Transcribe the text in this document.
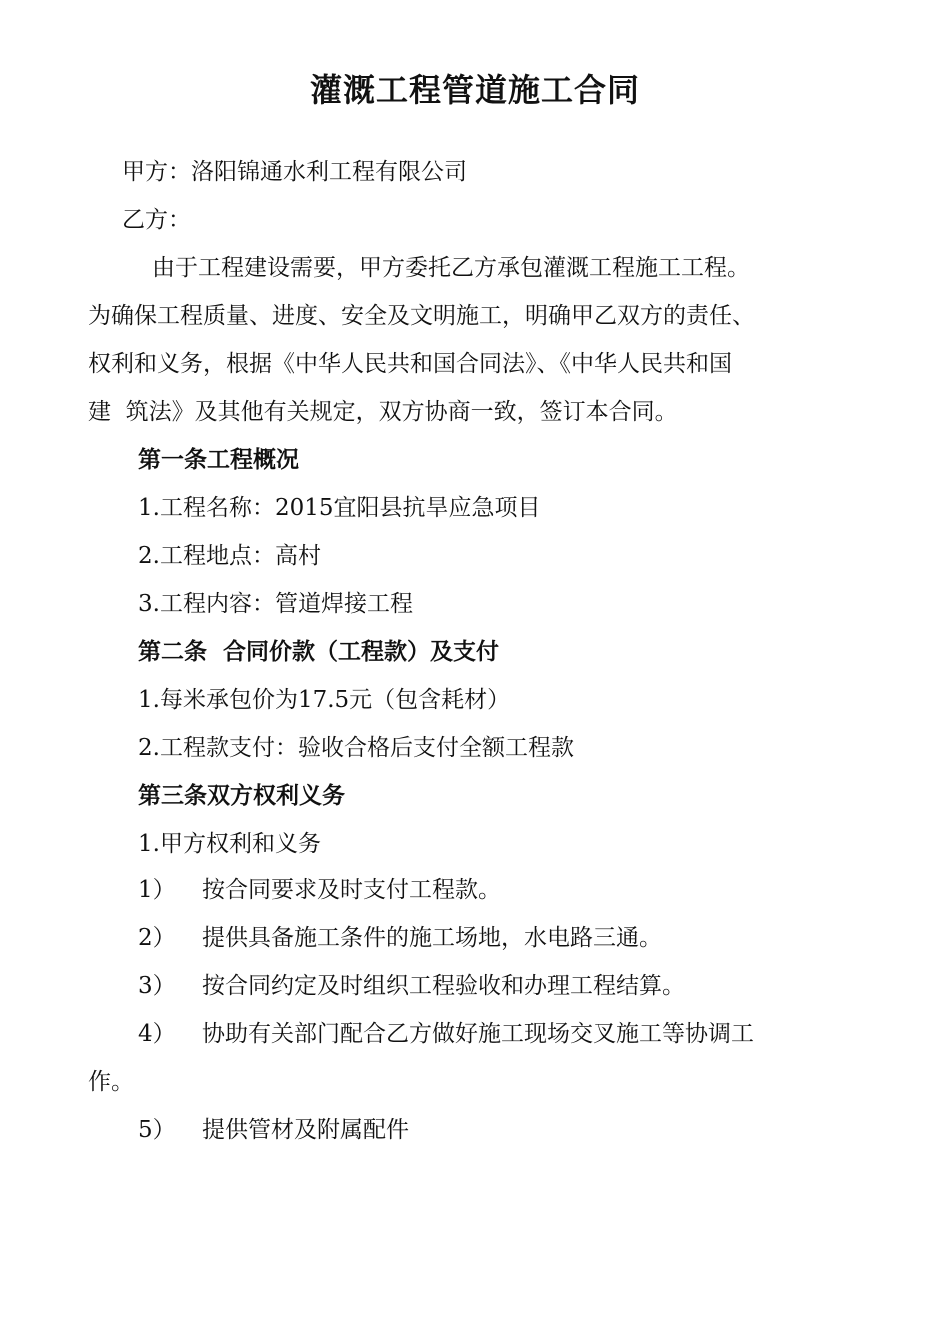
灌溉工程管道施工合同
甲方：洛阳锦通水利工程有限公司
乙方：
由于工程建设需要，甲方委托乙方承包灌溉工程施工工程。
为确保工程质量、进度、安全及文明施工，明确甲乙双方的责任、
权利和义务，根据《中华人民共和国合同法》、《中华人民共和国
建  筑法》及其他有关规定，双方协商一致，签订本合同。
第一条工程概况
1.工程名称：2015宜阳县抗旱应急项目
2.工程地点：高村
3.工程内容：管道焊接工程
第二条  合同价款（工程款）及支付
1.每米承包价为17.5元（包含耗材）
2.工程款支付：验收合格后支付全额工程款
第三条双方权利义务
1.甲方权利和义务
1） 按合同要求及时支付工程款。
2） 提供具备施工条件的施工场地，水电路三通。
3） 按合同约定及时组织工程验收和办理工程结算。
4） 协助有关部门配合乙方做好施工现场交叉施工等协调工
作。
5） 提供管材及附属配件
